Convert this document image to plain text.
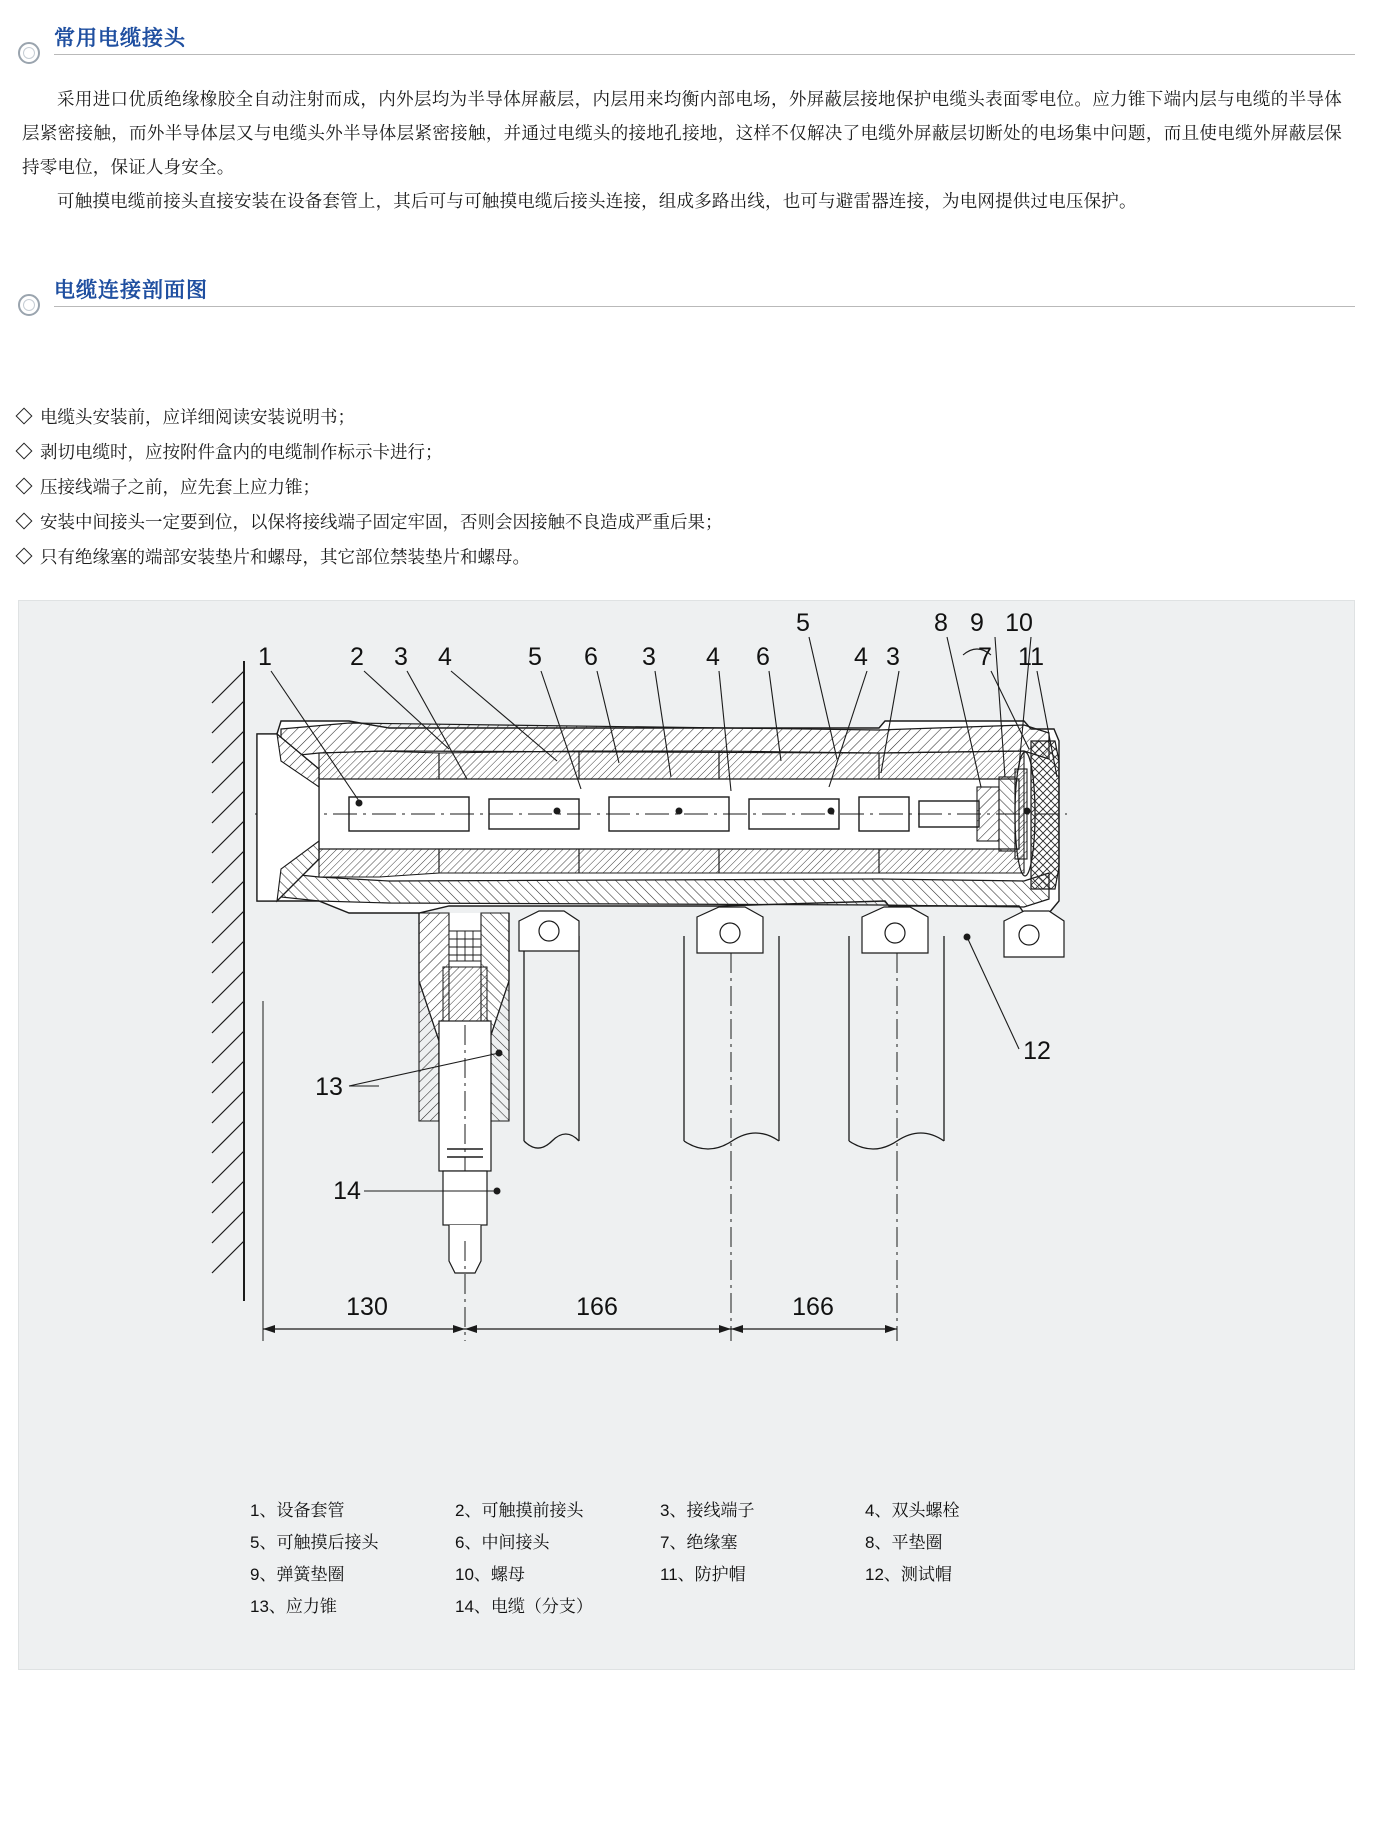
常用电缆接头
采用进口优质绝缘橡胶全自动注射而成，内外层均为半导体屏蔽层，内层用来均衡内部电场，外屏蔽层接地保护电缆头表面零电位。应力锥下端内层与电缆的半导体层紧密接触，而外半导体层又与电缆头外半导体层紧密接触，并通过电缆头的接地孔接地，这样不仅解决了电缆外屏蔽层切断处的电场集中问题，而且使电缆外屏蔽层保持零电位，保证人身安全。
可触摸电缆前接头直接安装在设备套管上，其后可与可触摸电缆后接头连接，组成多路出线，也可与避雷器连接，为电网提供过电压保护。
电缆连接剖面图
电缆头安装前，应详细阅读安装说明书；
剥切电缆时，应按附件盒内的电缆制作标示卡进行；
压接线端子之前，应先套上应力锥；
安装中间接头一定要到位，以保将接线端子固定牢固，否则会因接触不良造成严重后果；
只有绝缘塞的端部安装垫片和螺母，其它部位禁装垫片和螺母。
1	2 3 4	5 6 3 4 6	4 3
5	8 9 10
7 11
13
14
12
130	166	166
1、设备套管	2、可触摸前接头	3、接线端子	4、双头螺栓
5、可触摸后接头	6、中间接头	7、绝缘塞	8、平垫圈
9、弹簧垫圈	10、螺母	11、防护帽	12、测试帽
13、应力锥	14、电缆（分支）
